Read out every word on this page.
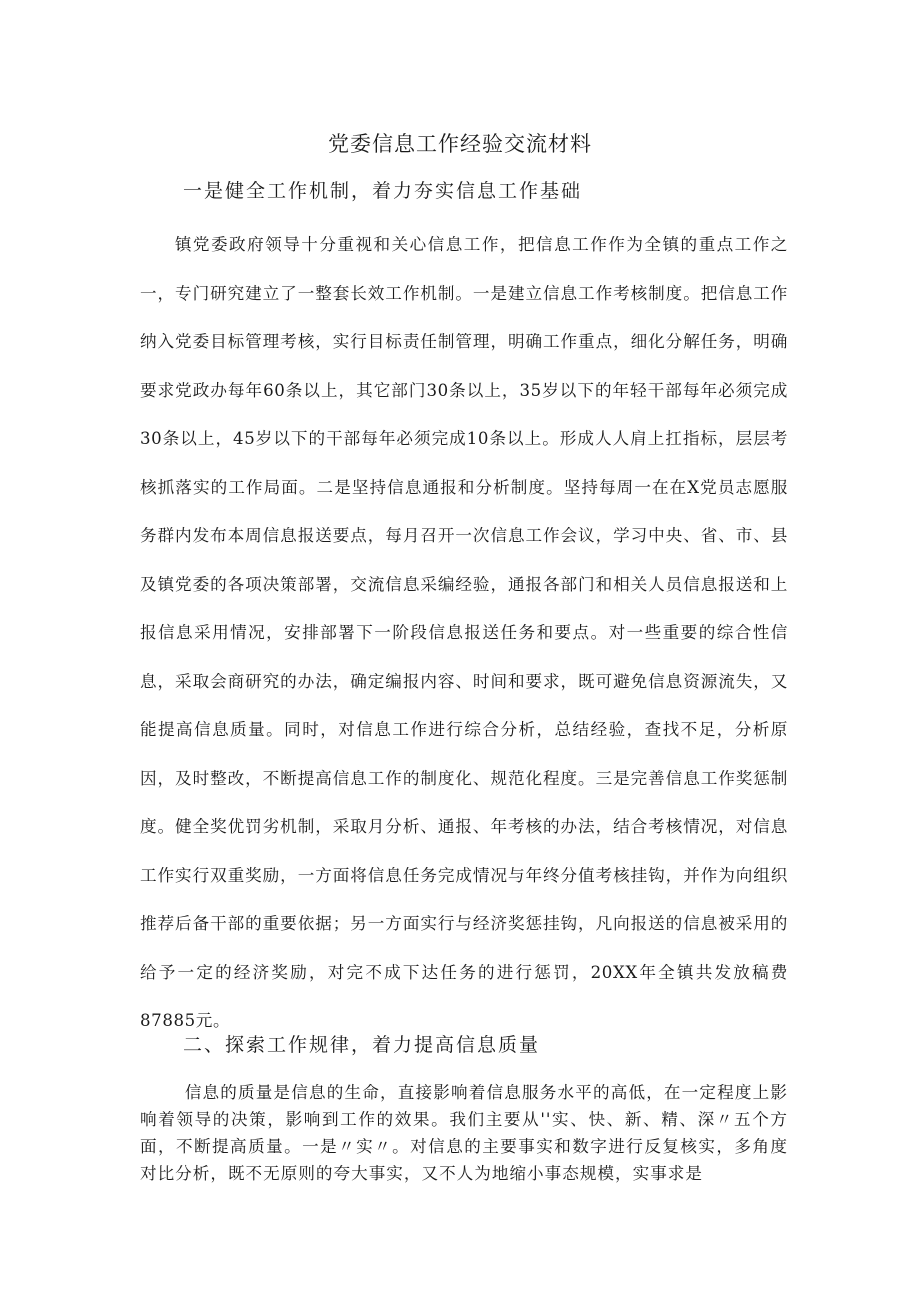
党委信息工作经验交流材料
一是健全工作机制，着力夯实信息工作基础

镇党委政府领导十分重视和关心信息工作，把信息工作作为全镇的重点工作之一，专门研究建立了一整套长效工作机制。一是建立信息工作考核制度。把信息工作纳入党委目标管理考核，实行目标责任制管理，明确工作重点，细化分解任务，明确要求党政办每年60条以上，其它部门30条以上，35岁以下的年轻干部每年必须完成30条以上，45岁以下的干部每年必须完成10条以上。形成人人肩上扛指标，层层考核抓落实的工作局面。二是坚持信息通报和分析制度。坚持每周一在在X党员志愿服务群内发布本周信息报送要点，每月召开一次信息工作会议，学习中央、省、市、县及镇党委的各项决策部署，交流信息采编经验，通报各部门和相关人员信息报送和上报信息采用情况，安排部署下一阶段信息报送任务和要点。对一些重要的综合性信息，采取会商研究的办法，确定编报内容、时间和要求，既可避免信息资源流失，又能提高信息质量。同时，对信息工作进行综合分析，总结经验，查找不足，分析原因，及时整改，不断提高信息工作的制度化、规范化程度。三是完善信息工作奖惩制度。健全奖优罚劣机制，采取月分析、通报、年考核的办法，结合考核情况，对信息工作实行双重奖励，一方面将信息任务完成情况与年终分值考核挂钩，并作为向组织推荐后备干部的重要依据；另一方面实行与经济奖惩挂钩，凡向报送的信息被采用的给予一定的经济奖励，对完不成下达任务的进行惩罚，20XX年全镇共发放稿费87885元。

二、探索工作规律，着力提高信息质量

信息的质量是信息的生命，直接影响着信息服务水平的高低，在一定程度上影响着领导的决策，影响到工作的效果。我们主要从''实、快、新、精、深〃五个方面，不断提高质量。一是〃实〃。对信息的主要事实和数字进行反复核实，多角度对比分析，既不无原则的夸大事实，又不人为地缩小事态规模，实事求是
